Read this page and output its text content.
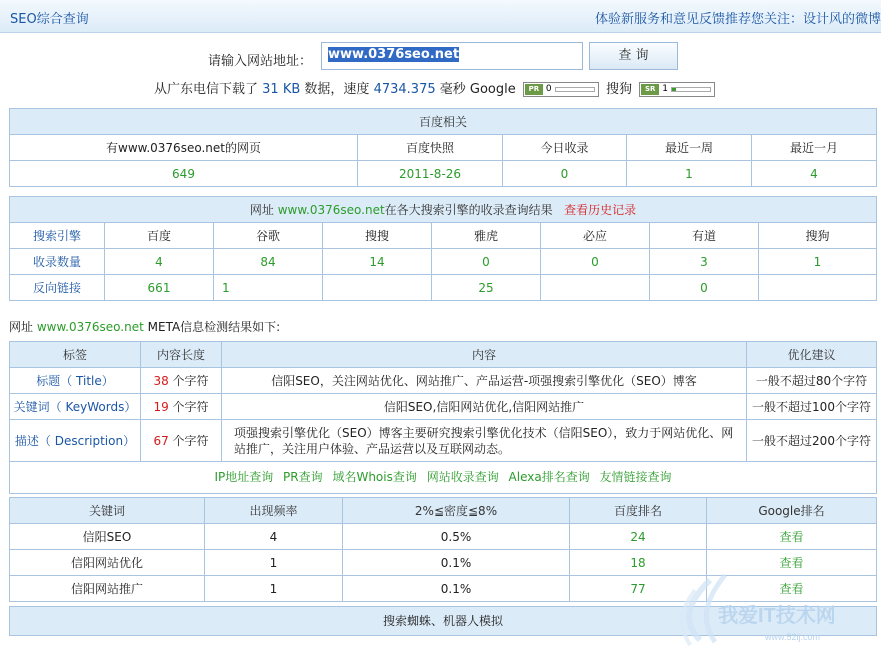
SEO综合查询	体验新服务和意见反馈推荐您关注：设计风的微博
请输入网站地址：	www.0376seo.net	查 询
从广东电信下载了 31 KB 数据，速度 4734.375 毫秒 Google	PR 0	搜狗	SR 1
百度相关				
有www.0376seo.net的网页	百度快照	今日收录	最近一周	最近一月
649	2011-8-26	0	1	4
网址 www.0376seo.net在各大搜索引擎的收录查询结果 查看历史记录							
搜索引擎	百度	谷歌	搜搜	雅虎	必应	有道	搜狗
收录数量	4	84	14	0	0	3	1
反向链接	661	1		25		0	
网址 www.0376seo.net META信息检测结果如下:
标签	内容长度	内容	优化建议
标题（ Title）	38 个字符	信阳SEO，关注网站优化、网站推广、产品运营-项强搜索引擎优化（SEO）博客	一般不超过80个字符
关键词（ KeyWords）	19 个字符	信阳SEO,信阳网站优化,信阳网站推广	一般不超过100个字符
描述（ Description）	67 个字符	项强搜索引擎优化（SEO）博客主要研究搜索引擎优化技术（信阳SEO），致力于网站优化、网站推广，关注用户体验、产品运营以及互联网动态。	一般不超过200个字符
IP地址查询 PR查询 域名Whois查询 网站收录查询 Alexa排名查询 友情链接查询
关键词	出现频率	2%≦密度≦8%	百度排名	Google排名
信阳SEO	4	0.5%	24	查看
信阳网站优化	1	0.1%	18	查看
信阳网站推广	1	0.1%	77	查看
搜索蜘蛛、机器人模拟	我爱IT技术网
www.52ij.com
